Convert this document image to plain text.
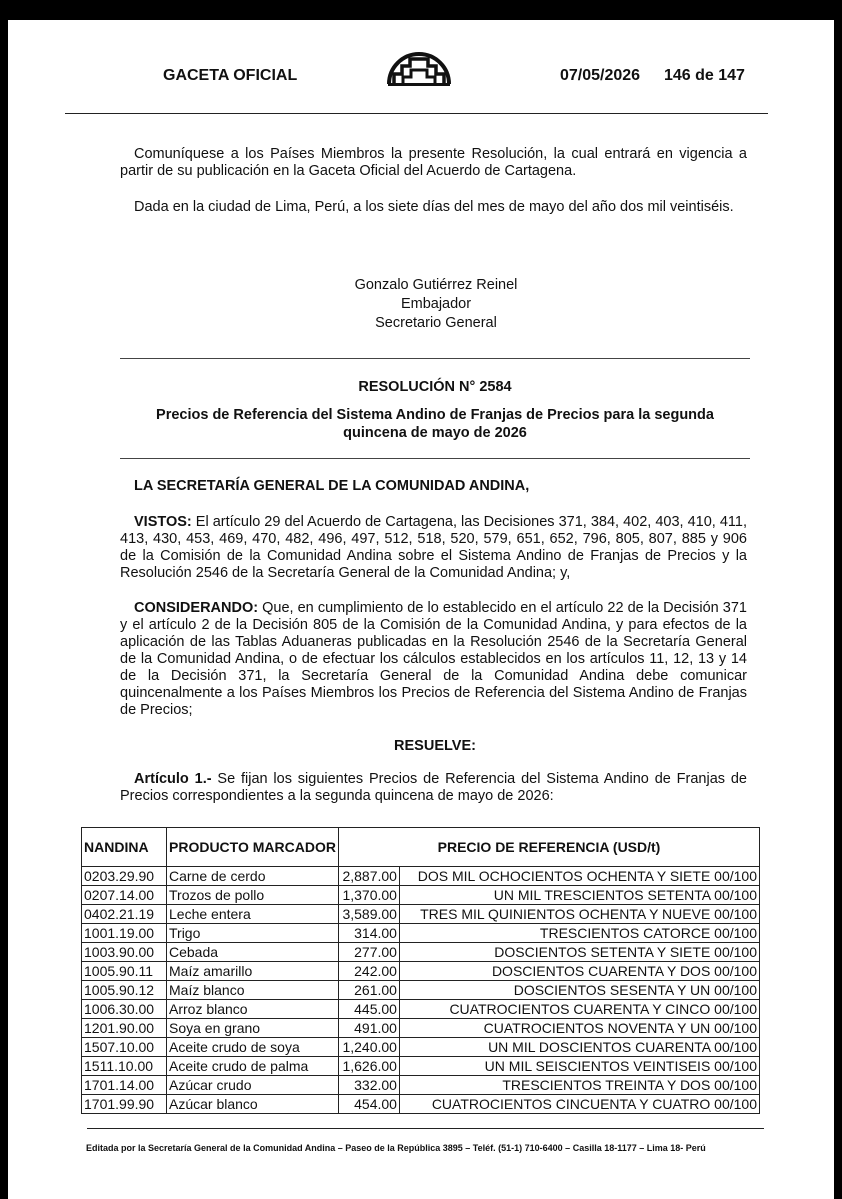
GACETA OFICIAL	07/05/2026 146 de 147
Comuníquese a los Países Miembros la presente Resolución, la cual entrará en vigencia a partir de su publicación en la Gaceta Oficial del Acuerdo de Cartagena.
Dada en la ciudad de Lima, Perú, a los siete días del mes de mayo del año dos mil veintiséis.
Gonzalo Gutiérrez Reinel
Embajador
Secretario General
RESOLUCIÓN N° 2584
Precios de Referencia del Sistema Andino de Franjas de Precios para la segunda quincena de mayo de 2026
LA SECRETARÍA GENERAL DE LA COMUNIDAD ANDINA,
VISTOS: El artículo 29 del Acuerdo de Cartagena, las Decisiones 371, 384, 402, 403, 410, 411, 413, 430, 453, 469, 470, 482, 496, 497, 512, 518, 520, 579, 651, 652, 796, 805, 807, 885 y 906 de la Comisión de la Comunidad Andina sobre el Sistema Andino de Franjas de Precios y la Resolución 2546 de la Secretaría General de la Comunidad Andina; y,
CONSIDERANDO: Que, en cumplimiento de lo establecido en el artículo 22 de la Decisión 371 y el artículo 2 de la Decisión 805 de la Comisión de la Comunidad Andina, y para efectos de la aplicación de las Tablas Aduaneras publicadas en la Resolución 2546 de la Secretaría General de la Comunidad Andina, o de efectuar los cálculos establecidos en los artículos 11, 12, 13 y 14 de la Decisión 371, la Secretaría General de la Comunidad Andina debe comunicar quincenalmente a los Países Miembros los Precios de Referencia del Sistema Andino de Franjas de Precios;
RESUELVE:
Artículo 1.- Se fijan los siguientes Precios de Referencia del Sistema Andino de Franjas de Precios correspondientes a la segunda quincena de mayo de 2026:
NANDINA	PRODUCTO MARCADOR	PRECIO DE REFERENCIA (USD/t)	
0203.29.90	Carne de cerdo	2,887.00	DOS MIL OCHOCIENTOS OCHENTA Y SIETE 00/100
0207.14.00	Trozos de pollo	1,370.00	UN MIL TRESCIENTOS SETENTA 00/100
0402.21.19	Leche entera	3,589.00	TRES MIL QUINIENTOS OCHENTA Y NUEVE 00/100
1001.19.00	Trigo	314.00	TRESCIENTOS CATORCE 00/100
1003.90.00	Cebada	277.00	DOSCIENTOS SETENTA Y SIETE 00/100
1005.90.11	Maíz amarillo	242.00	DOSCIENTOS CUARENTA Y DOS 00/100
1005.90.12	Maíz blanco	261.00	DOSCIENTOS SESENTA Y UN 00/100
1006.30.00	Arroz blanco	445.00	CUATROCIENTOS CUARENTA Y CINCO 00/100
1201.90.00	Soya en grano	491.00	CUATROCIENTOS NOVENTA Y UN 00/100
1507.10.00	Aceite crudo de soya	1,240.00	UN MIL DOSCIENTOS CUARENTA 00/100
1511.10.00	Aceite crudo de palma	1,626.00	UN MIL SEISCIENTOS VEINTISEIS 00/100
1701.14.00	Azúcar crudo	332.00	TRESCIENTOS TREINTA Y DOS 00/100
1701.99.90	Azúcar blanco	454.00	CUATROCIENTOS CINCUENTA Y CUATRO 00/100
Editada por la Secretaría General de la Comunidad Andina – Paseo de la República 3895 – Teléf. (51-1) 710-6400 – Casilla 18-1177 – Lima 18- Perú
